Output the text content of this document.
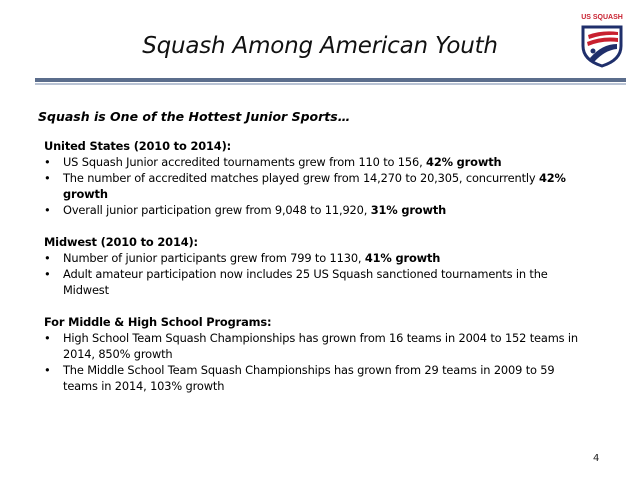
Squash Among American Youth
US SQUASH
Squash is One of the Hottest Junior Sports…

United States (2010 to 2014):

• US Squash Junior accredited tournaments grew from 110 to 156, 42% growth
• The number of accredited matches played grew from 14,270 to 20,305, concurrently 42% growth
• Overall junior participation grew from 9,048 to 11,920, 31% growth

Midwest (2010 to 2014):

• Number of junior participants grew from 799 to 1130, 41% growth
• Adult amateur participation now includes 25 US Squash sanctioned tournaments in the Midwest

For Middle & High School Programs:

• High School Team Squash Championships has grown from 16 teams in 2004 to 152 teams in 2014, 850% growth
• The Middle School Team Squash Championships has grown from 29 teams in 2009 to 59 teams in 2014, 103% growth
4
